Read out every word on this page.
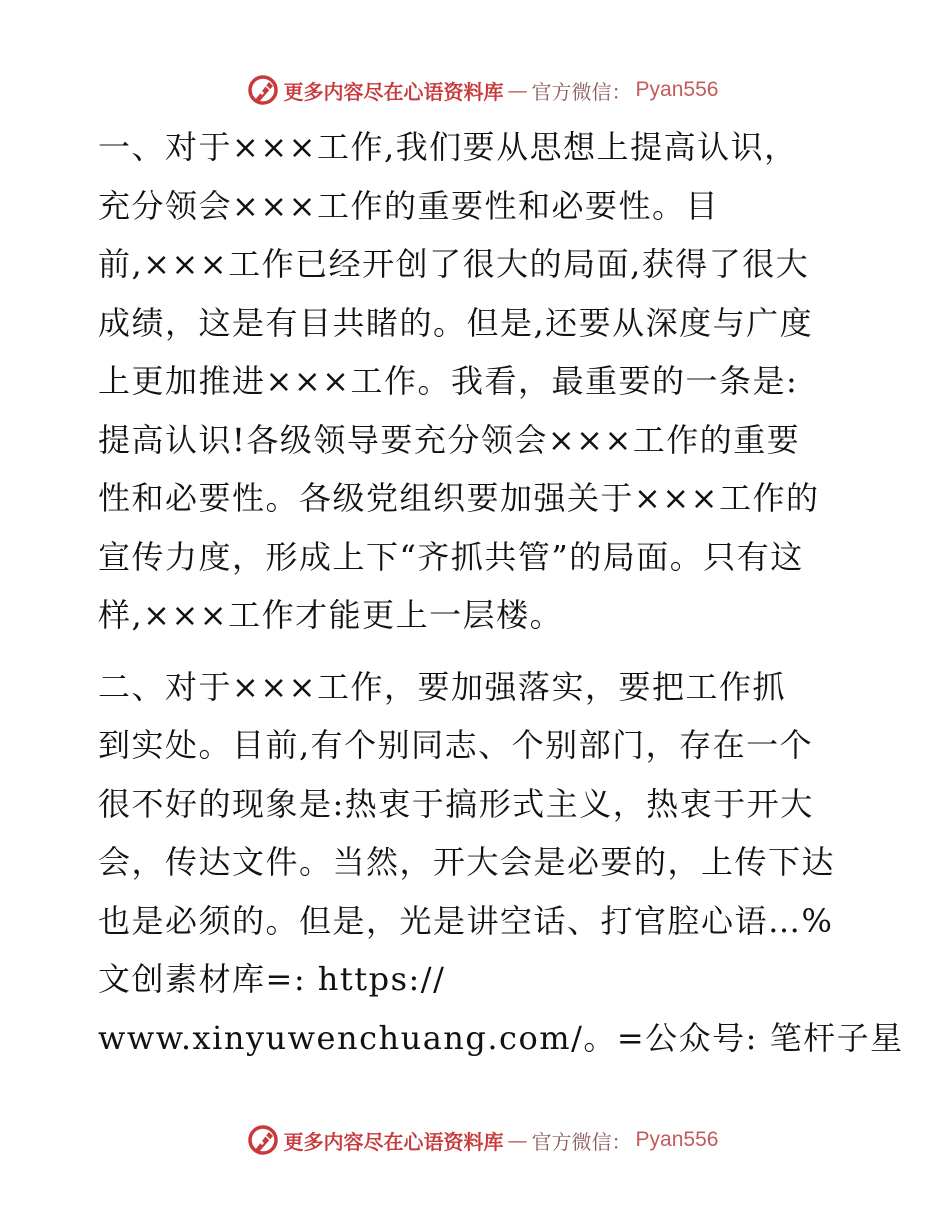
更多内容尽在心语资料库 — 官方微信： Pyan556

一、对于×××工作,我们要从思想上提高认识，
充分领会×××工作的重要性和必要性。目
前,×××工作已经开创了很大的局面,获得了很大
成绩，这是有目共睹的。但是,还要从深度与广度
上更加推进×××工作。我看，最重要的一条是:
提高认识!各级领导要充分领会×××工作的重要
性和必要性。各级党组织要加强关于×××工作的
宣传力度，形成上下“齐抓共管”的局面。只有这
样,×××工作才能更上一层楼。

二、对于×××工作，要加强落实，要把工作抓
到实处。目前,有个别同志、个别部门，存在一个
很不好的现象是:热衷于搞形式主义，热衷于开大
会，传达文件。当然，开大会是必要的，上传下达
也是必须的。但是，光是讲空话、打官腔心语…%
文创素材库=: https://
www.xinyuwenchuang.com/。=公众号: 笔杆子星

更多内容尽在心语资料库 — 官方微信： Pyan556
